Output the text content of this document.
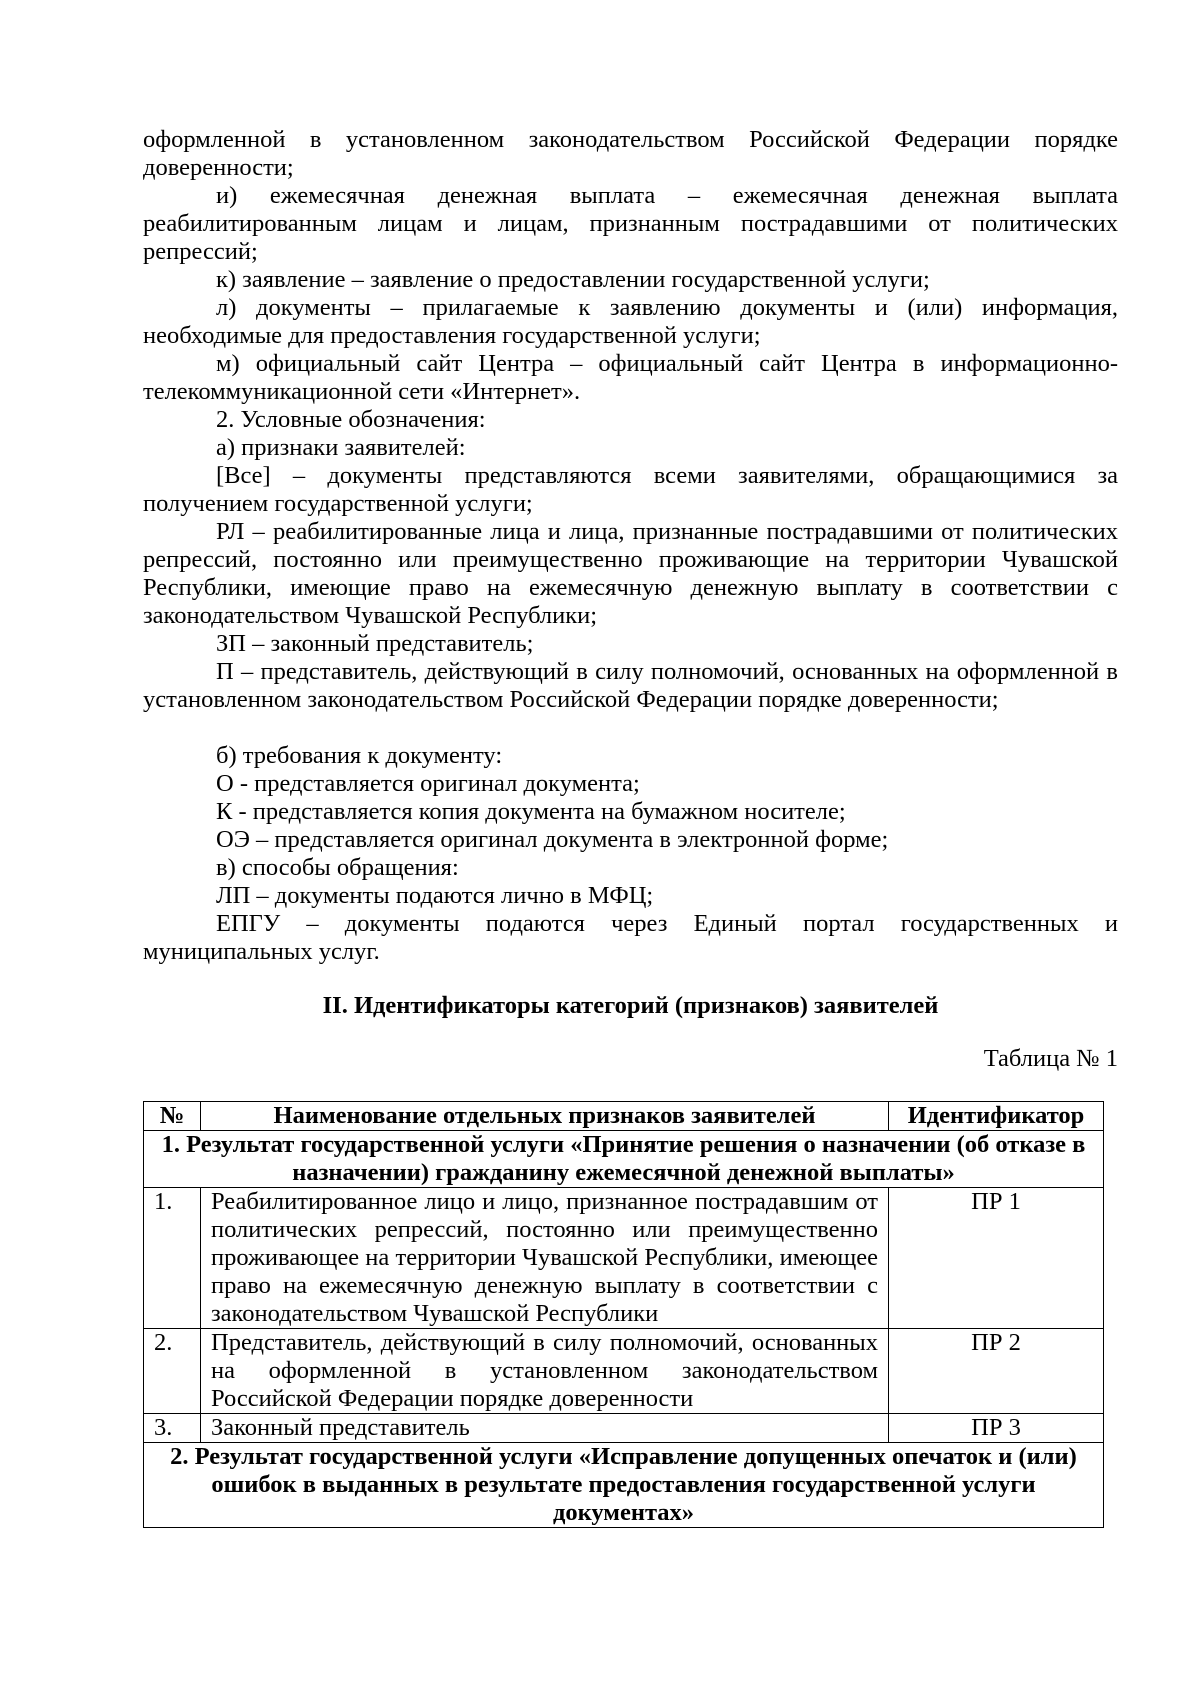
оформленной в установленном законодательством Российской Федерации порядке доверенности;

и) ежемесячная денежная выплата – ежемесячная денежная выплата реабилитированным лицам и лицам, признанным пострадавшими от политических репрессий;

к) заявление – заявление о предоставлении государственной услуги;

л) документы – прилагаемые к заявлению документы и (или) информация, необходимые для предоставления государственной услуги;

м) официальный сайт Центра – официальный сайт Центра в информационно-телекоммуникационной сети «Интернет».

2. Условные обозначения:

а) признаки заявителей:

[Все] – документы представляются всеми заявителями, обращающимися за получением государственной услуги;

РЛ – реабилитированные лица и лица, признанные пострадавшими от политических репрессий, постоянно или преимущественно проживающие на территории Чувашской Республики, имеющие право на ежемесячную денежную выплату в соответствии с законодательством Чувашской Республики;

ЗП – законный представитель;

П – представитель, действующий в силу полномочий, основанных на оформленной в установленном законодательством Российской Федерации порядке доверенности;

б) требования к документу:

О - представляется оригинал документа;

К - представляется копия документа на бумажном носителе;

ОЭ – представляется оригинал документа в электронной форме;

в) способы обращения:

ЛП – документы подаются лично в МФЦ;

ЕПГУ – документы подаются через Единый портал государственных и муниципальных услуг.

II. Идентификаторы категорий (признаков) заявителей

Таблица № 1

№	Наименование отдельных признаков заявителей	Идентификатор
1. Результат государственной услуги «Принятие решения о назначении (об отказе в назначении) гражданину ежемесячной денежной выплаты»		
1.	Реабилитированное лицо и лицо, признанное пострадавшим от политических репрессий, постоянно или преимущественно проживающее на территории Чувашской Республики, имеющее право на ежемесячную денежную выплату в соответствии с законодательством Чувашской Республики	ПР 1
2.	Представитель, действующий в силу полномочий, основанных на оформленной в установленном законодательством Российской Федерации порядке доверенности	ПР 2
3.	Законный представитель	ПР 3
2. Результат государственной услуги «Исправление допущенных опечаток и (или) ошибок в выданных в результате предоставления государственной услуги документах»		
